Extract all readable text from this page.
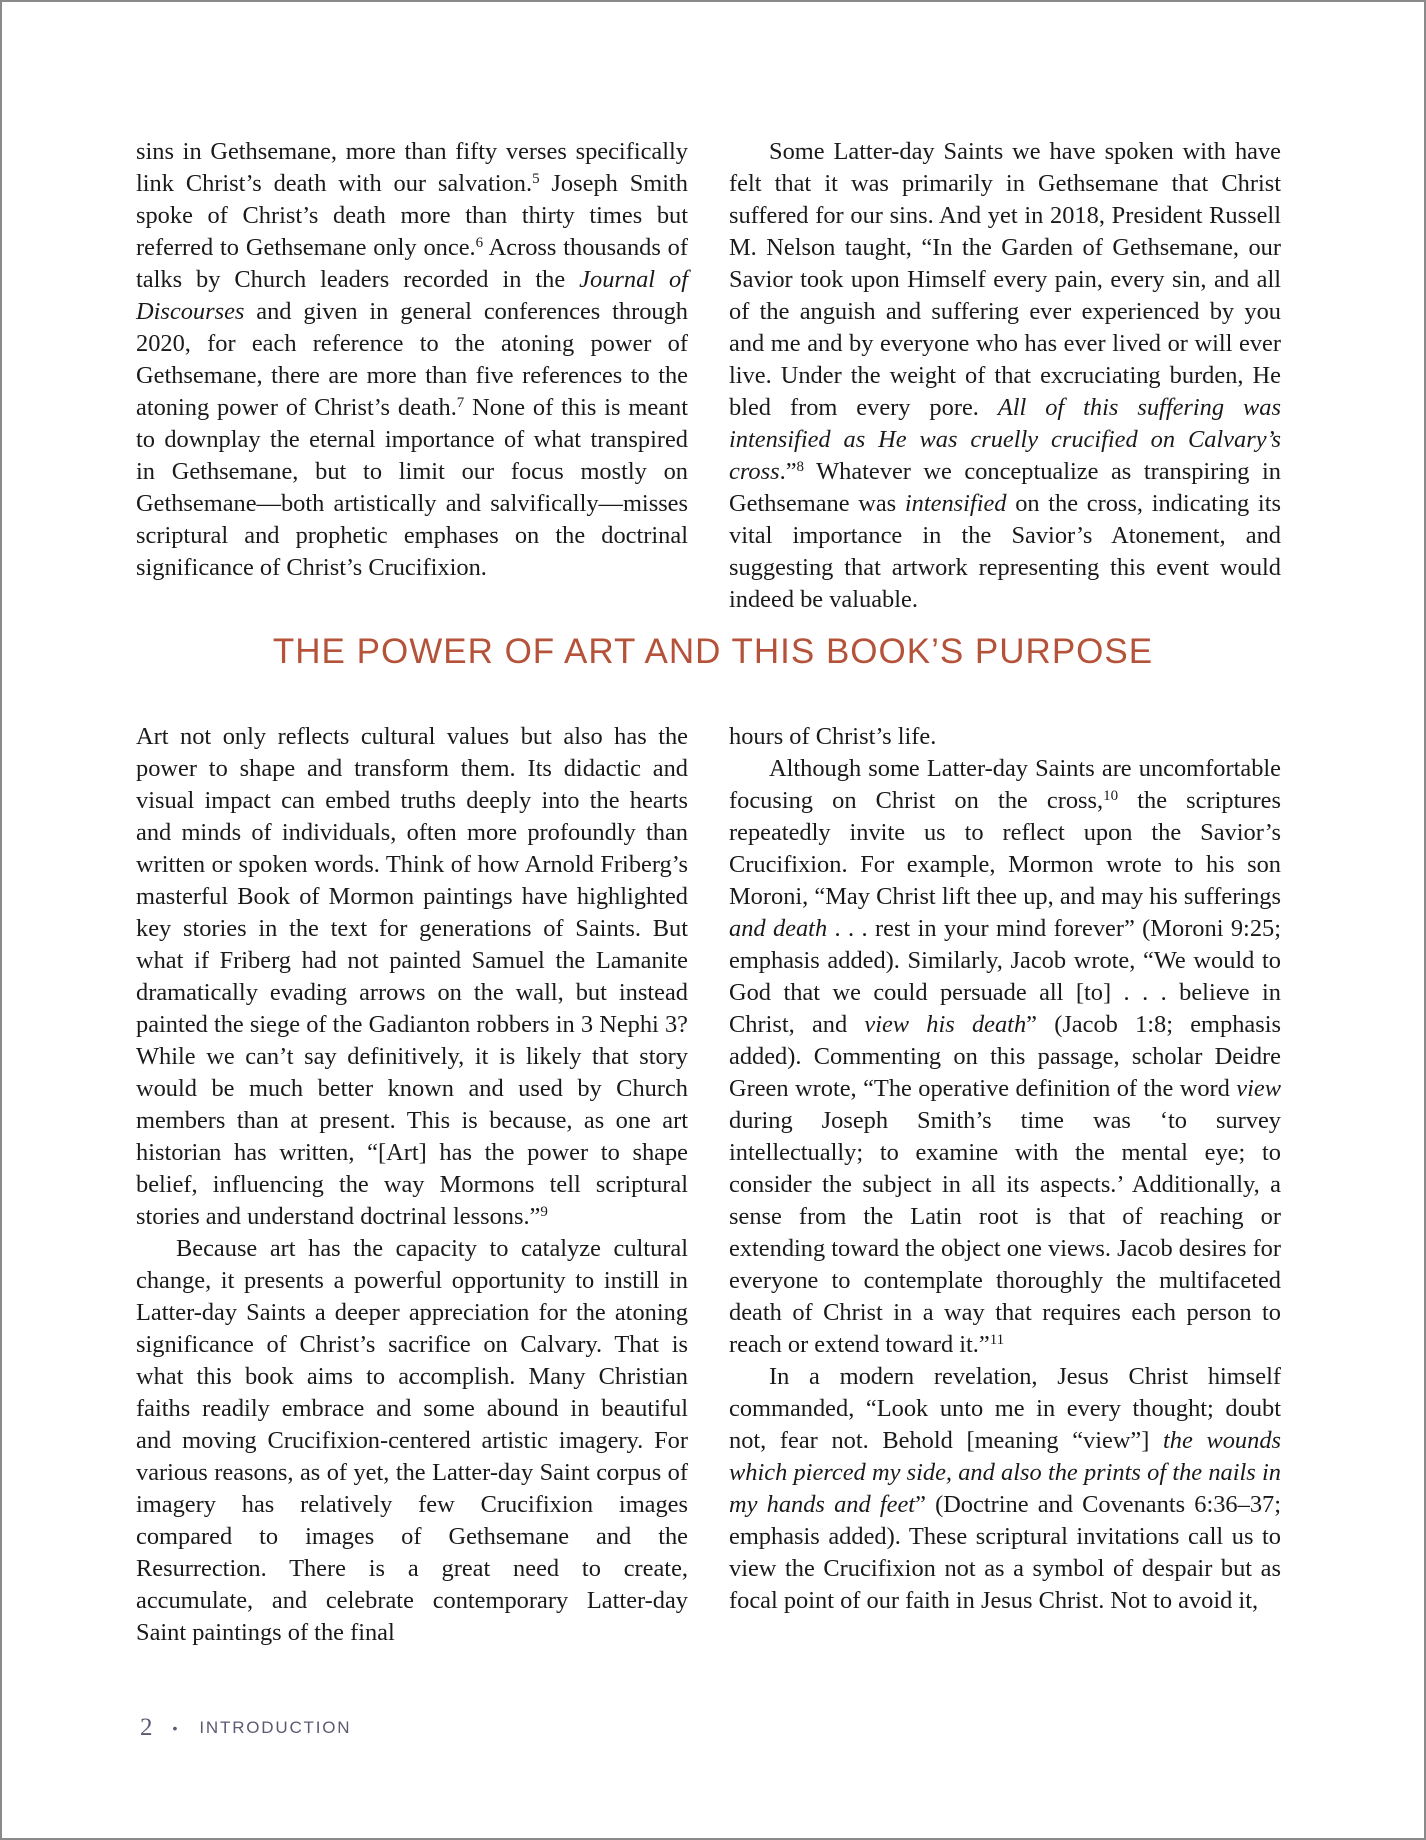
sins in Gethsemane, more than fifty verses specifically link Christ’s death with our salvation.$^5$ Joseph Smith spoke of Christ’s death more than thirty times but referred to Gethsemane only once.$^6$ Across thousands of talks by Church leaders recorded in the Journal of Discourses and given in general conferences through 2020, for each reference to the atoning power of Gethsemane, there are more than five references to the atoning power of Christ’s death.$^7$ None of this is meant to downplay the eternal importance of what transpired in Gethsemane, but to limit our focus mostly on Gethsemane—both artistically and salvifically—misses scriptural and prophetic emphases on the doctrinal significance of Christ’s Crucifixion.

Some Latter-day Saints we have spoken with have felt that it was primarily in Gethsemane that Christ suffered for our sins. And yet in 2018, President Russell M. Nelson taught, “In the Garden of Gethsemane, our Savior took upon Himself every pain, every sin, and all of the anguish and suffering ever experienced by you and me and by everyone who has ever lived or will ever live. Under the weight of that excruciating burden, He bled from every pore. All of this suffering was intensified as He was cruelly crucified on Calvary’s cross.”$^8$ Whatever we conceptualize as transpiring in Gethsemane was intensified on the cross, indicating its vital importance in the Savior’s Atonement, and suggesting that artwork representing this event would indeed be valuable.

THE POWER OF ART AND THIS BOOK’S PURPOSE

Art not only reflects cultural values but also has the power to shape and transform them. Its didactic and visual impact can embed truths deeply into the hearts and minds of individuals, often more profoundly than written or spoken words. Think of how Arnold Friberg’s masterful Book of Mormon paintings have highlighted key stories in the text for generations of Saints. But what if Friberg had not painted Samuel the Lamanite dramatically evading arrows on the wall, but instead painted the siege of the Gadianton robbers in 3 Nephi 3? While we can’t say definitively, it is likely that story would be much better known and used by Church members than at present. This is because, as one art historian has written, “[Art] has the power to shape belief, influencing the way Mormons tell scriptural stories and understand doctrinal lessons.”$^9$

Because art has the capacity to catalyze cultural change, it presents a powerful opportunity to instill in Latter-day Saints a deeper appreciation for the atoning significance of Christ’s sacrifice on Calvary. That is what this book aims to accomplish. Many Christian faiths readily embrace and some abound in beautiful and moving Crucifixion-centered artistic imagery. For various reasons, as of yet, the Latter-day Saint corpus of imagery has relatively few Crucifixion images compared to images of Gethsemane and the Resurrection. There is a great need to create, accumulate, and celebrate contemporary Latter-day Saint paintings of the final

hours of Christ’s life.

Although some Latter-day Saints are uncomfortable focusing on Christ on the cross,$^{10}$ the scriptures repeatedly invite us to reflect upon the Savior’s Crucifixion. For example, Mormon wrote to his son Moroni, “May Christ lift thee up, and may his sufferings and death . . . rest in your mind forever” (Moroni 9:25; emphasis added). Similarly, Jacob wrote, “We would to God that we could persuade all [to] . . . believe in Christ, and view his death” (Jacob 1:8; emphasis added). Commenting on this passage, scholar Deidre Green wrote, “The operative definition of the word view during Joseph Smith’s time was ‘to survey intellectually; to examine with the mental eye; to consider the subject in all its aspects.’ Additionally, a sense from the Latin root is that of reaching or extending toward the object one views. Jacob desires for everyone to contemplate thoroughly the multifaceted death of Christ in a way that requires each person to reach or extend toward it.”$^{11}$

In a modern revelation, Jesus Christ himself commanded, “Look unto me in every thought; doubt not, fear not. Behold [meaning “view”] the wounds which pierced my side, and also the prints of the nails in my hands and feet” (Doctrine and Covenants 6:36–37; emphasis added). These scriptural invitations call us to view the Crucifixion not as a symbol of despair but as focal point of our faith in Jesus Christ. Not to avoid it,

2 • INTRODUCTION
